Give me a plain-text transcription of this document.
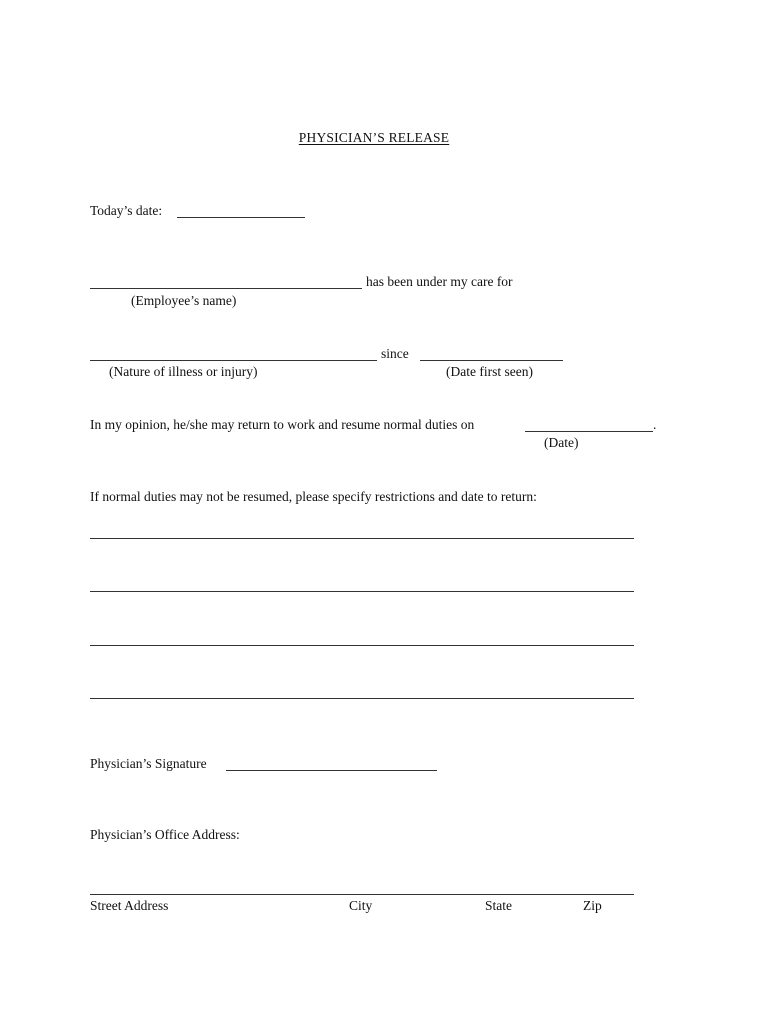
PHYSICIAN’S RELEASE
Today’s date:
has been under my care for
(Employee’s name)
since
(Nature of illness or injury)	(Date first seen)
In my opinion, he/she may return to work and resume normal duties on	.
(Date)
If normal duties may not be resumed, please specify restrictions and date to return:
Physician’s Signature
Physician’s Office Address:
Street Address	City	State	Zip
